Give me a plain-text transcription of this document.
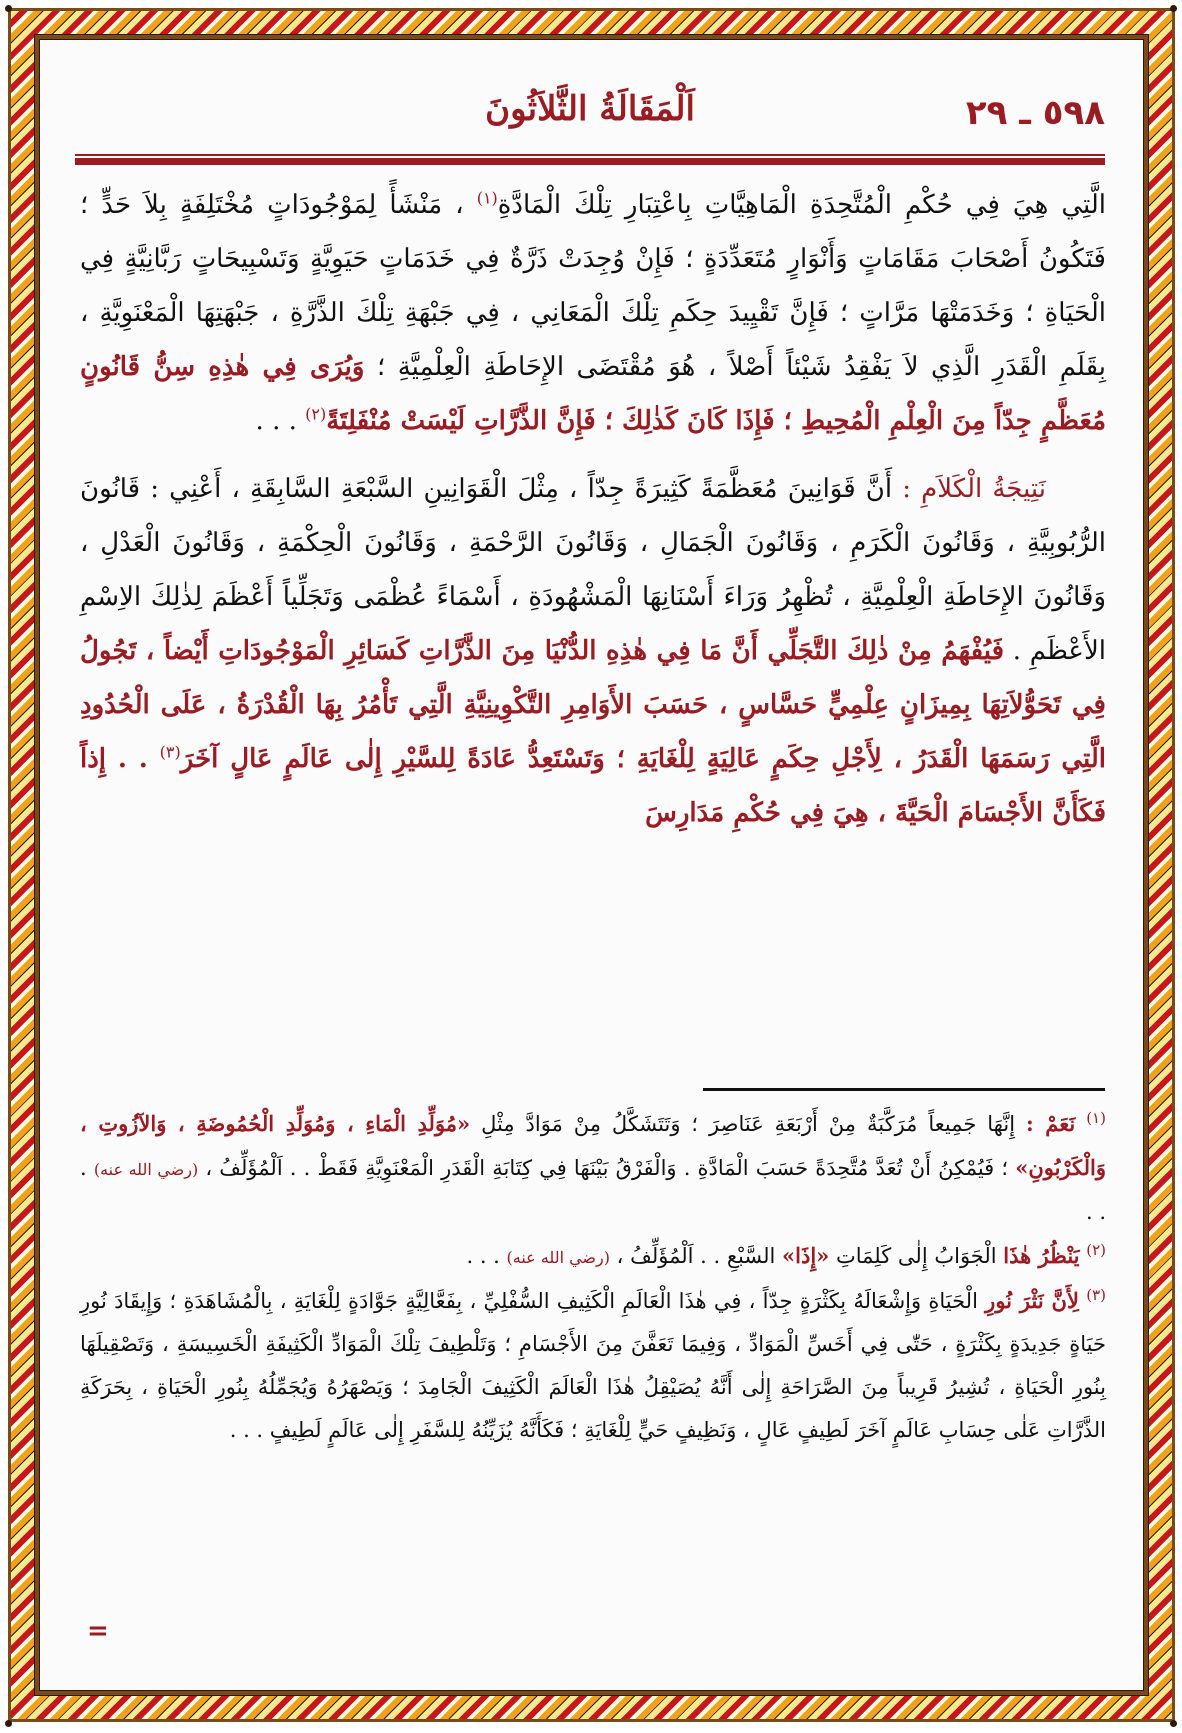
٥٩٨ ـ ٢٩
اَلْمَقَالَةُ الثَّلاَثُونَ

الَّتِي هِيَ فِي حُكْمِ الْمُتَّحِدَةِ الْمَاهِيَّاتِ بِاعْتِبَارِ تِلْكَ الْمَادَّةِ$^{(١)}$ ، مَنْشَأً لِمَوْجُودَاتٍ مُخْتَلِفَةٍ بِلاَ حَدٍّ ؛ فَتَكُونُ أَصْحَابَ مَقَامَاتٍ وَأَنْوَارٍ مُتَعَدِّدَةٍ ؛ فَإِنْ وُجِدَتْ ذَرَّةٌ فِي خَدَمَاتٍ حَيَوِيَّةٍ وَتَسْبِيحَاتٍ رَبَّانِيَّةٍ فِي الْحَيَاةِ ؛ وَخَدَمَتْهَا مَرَّاتٍ ؛ فَإِنَّ تَقْيِيدَ حِكَمِ تِلْكَ الْمَعَانِي ، فِي جَبْهَةِ تِلْكَ الذَّرَّةِ ، جَبْهَتِهَا الْمَعْنَوِيَّةِ ، بِقَلَمِ الْقَدَرِ الَّذِي لاَ يَفْقِدُ شَيْئاً أَصْلاً ، هُوَ مُقْتَضَى الإِحَاطَةِ الْعِلْمِيَّةِ ؛ وَيُرَى فِي هٰذِهِ سِنُّ قَانُونٍ مُعَظَّمٍ جِدّاً مِنَ الْعِلْمِ الْمُحِيطِ ؛ فَإِذَا كَانَ كَذٰلِكَ ؛ فَإِنَّ الذَّرَّاتِ لَيْسَتْ مُنْفَلِتَةً$^{(٢)}$ . . .

نَتِيجَةُ الْكَلاَمِ : أَنَّ قَوَانِينَ مُعَظَّمَةً كَثِيرَةً جِدّاً ، مِثْلَ الْقَوَانِينِ السَّبْعَةِ السَّابِقَةِ ، أَعْنِي : قَانُونَ الرُّبُوبِيَّةِ ، وَقَانُونَ الْكَرَمِ ، وَقَانُونَ الْجَمَالِ ، وَقَانُونَ الرَّحْمَةِ ، وَقَانُونَ الْحِكْمَةِ ، وَقَانُونَ الْعَدْلِ ، وَقَانُونَ الإِحَاطَةِ الْعِلْمِيَّةِ ، تُظْهِرُ وَرَاءَ أَسْنَانِهَا الْمَشْهُودَةِ ، أَسْمَاءً عُظْمَى وَتَجَلِّياً أَعْظَمَ لِذٰلِكَ الاِسْمِ الأَعْظَمِ . فَيُفْهَمُ مِنْ ذٰلِكَ التَّجَلِّي أَنَّ مَا فِي هٰذِهِ الدُّنْيَا مِنَ الذَّرَّاتِ كَسَائِرِ الْمَوْجُودَاتِ أَيْضاً ، تَجُولُ فِي تَحَوُّلاَتِهَا بِمِيزَانٍ عِلْمِيٍّ حَسَّاسٍ ، حَسَبَ الأَوَامِرِ التَّكْوِينِيَّةِ الَّتِي تَأْمُرُ بِهَا الْقُدْرَةُ ، عَلَى الْحُدُودِ الَّتِي رَسَمَهَا الْقَدَرُ ، لِأَجْلِ حِكَمٍ عَالِيَةٍ لِلْغَايَةِ ؛ وَتَسْتَعِدُّ عَادَةً لِلسَّيْرِ إِلٰى عَالَمٍ عَالٍ آخَرَ$^{(٣)}$ . . إِذاً فَكَأَنَّ الأَجْسَامَ الْحَيَّةَ ، هِيَ فِي حُكْمِ مَدَارِسَ

$^{(١)}$ نَعَمْ : إِنَّهَا جَمِيعاً مُرَكَّبَةٌ مِنْ أَرْبَعَةِ عَنَاصِرَ ؛ وَتَتَشَكَّلُ مِنْ مَوَادَّ مِثْلِ «مُوَلِّدِ الْمَاءِ ، وَمُوَلِّدِ الْحُمُوضَةِ ، وَالآزُوتِ ، وَالْكَرْبُونِ» ؛ فَيُمْكِنُ أَنْ تُعَدَّ مُتَّحِدَةً حَسَبَ الْمَادَّةِ . وَالْفَرْقُ بَيْنَهَا فِي كِتَابَةِ الْقَدَرِ الْمَعْنَوِيَّةِ فَقَطْ . . اَلْمُؤَلِّفُ ، (رضي الله عنه) . . .

$^{(٢)}$ يَنْظُرُ هٰذَا الْجَوَابُ إِلٰى كَلِمَاتِ «إِذَا» السَّبْعِ . . اَلْمُؤَلِّفُ ، (رضي الله عنه) . . .

$^{(٣)}$ لِأَنَّ نَثْرَ نُورِ الْحَيَاةِ وَإِشْعَالَهُ بِكَثْرَةٍ جِدّاً ، فِي هٰذَا الْعَالَمِ الْكَثِيفِ السُّفْلِيِّ ، بِفَعَّالِيَّةٍ جَوَّادَةٍ لِلْغَايَةِ ، بِالْمُشَاهَدَةِ ؛ وَإِيقَادَ نُورِ حَيَاةٍ جَدِيدَةٍ بِكَثْرَةٍ ، حَتّٰى فِي أَخَسِّ الْمَوَادِّ ، وَفِيمَا تَعَفَّنَ مِنَ الأَجْسَامِ ؛ وَتَلْطِيفَ تِلْكَ الْمَوَادِّ الْكَثِيفَةِ الْخَسِيسَةِ ، وَتَصْقِيلَهَا بِنُورِ الْحَيَاةِ ، تُشِيرُ قَرِيباً مِنَ الصَّرَاحَةِ إِلٰى أَنَّهُ يُصَيْقِلُ هٰذَا الْعَالَمَ الْكَثِيفَ الْجَامِدَ ؛ وَيَصْهَرُهُ وَيُجَمِّلُهُ بِنُورِ الْحَيَاةِ ، بِحَرَكَةِ الذَّرَّاتِ عَلٰى حِسَابِ عَالَمٍ آخَرَ لَطِيفٍ عَالٍ ، وَنَظِيفٍ حَيٍّ لِلْغَايَةِ ؛ فَكَأَنَّهُ يُزَيِّنُهُ لِلسَّفَرِ إِلٰى عَالَمٍ لَطِيفٍ . . .

=
